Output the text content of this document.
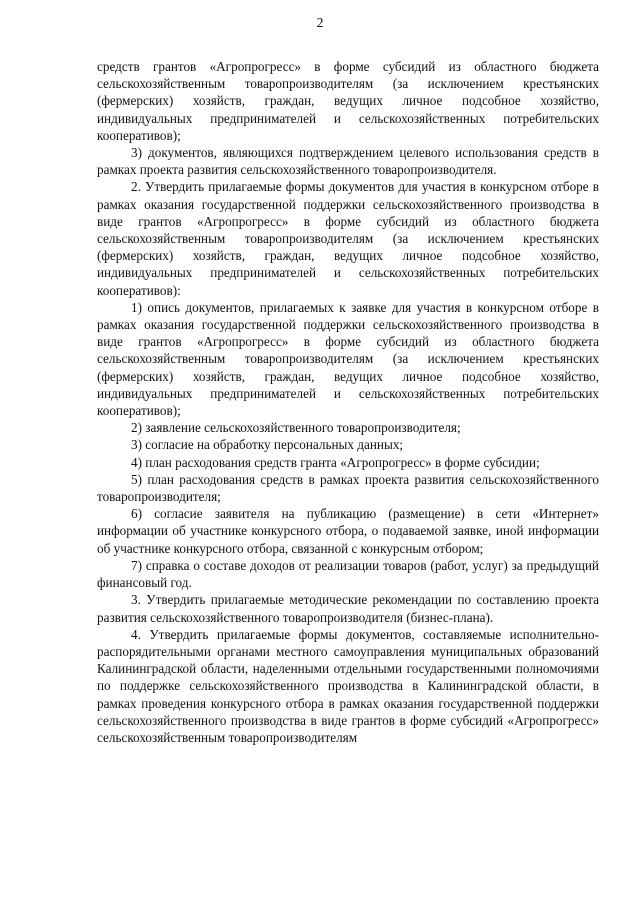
2

средств грантов «Агропрогресс» в форме субсидий из областного бюджета сельскохозяйственным товаропроизводителям (за исключением крестьянских (фермерских) хозяйств, граждан, ведущих личное подсобное хозяйство, индивидуальных предпринимателей и сельскохозяйственных потребительских кооперативов);

3) документов, являющихся подтверждением целевого использования средств в рамках проекта развития сельскохозяйственного товаропроизводителя.

2. Утвердить прилагаемые формы документов для участия в конкурсном отборе в рамках оказания государственной поддержки сельскохозяйственного производства в виде грантов «Агропрогресс» в форме субсидий из областного бюджета сельскохозяйственным товаропроизводителям (за исключением крестьянских (фермерских) хозяйств, граждан, ведущих личное подсобное хозяйство, индивидуальных предпринимателей и сельскохозяйственных потребительских кооперативов):

1) опись документов, прилагаемых к заявке для участия в конкурсном отборе в рамках оказания государственной поддержки сельскохозяйственного производства в виде грантов «Агропрогресс» в форме субсидий из областного бюджета сельскохозяйственным товаропроизводителям (за исключением крестьянских (фермерских) хозяйств, граждан, ведущих личное подсобное хозяйство, индивидуальных предпринимателей и сельскохозяйственных потребительских кооперативов);

2) заявление сельскохозяйственного товаропроизводителя;

3) согласие на обработку персональных данных;

4) план расходования средств гранта «Агропрогресс» в форме субсидии;

5) план расходования средств в рамках проекта развития сельскохозяйственного товаропроизводителя;

6) согласие заявителя на публикацию (размещение) в сети «Интернет» информации об участнике конкурсного отбора, о подаваемой заявке, иной информации об участнике конкурсного отбора, связанной с конкурсным отбором;

7) справка о составе доходов от реализации товаров (работ, услуг) за предыдущий финансовый год.

3. Утвердить прилагаемые методические рекомендации по составлению проекта развития сельскохозяйственного товаропроизводителя (бизнес-плана).

4. Утвердить прилагаемые формы документов, составляемые исполнительно-распорядительными органами местного самоуправления муниципальных образований Калининградской области, наделенными отдельными государственными полномочиями по поддержке сельскохозяйственного производства в Калининградской области, в рамках проведения конкурсного отбора в рамках оказания государственной поддержки сельскохозяйственного производства в виде грантов в форме субсидий «Агропрогресс» сельскохозяйственным товаропроизводителям
